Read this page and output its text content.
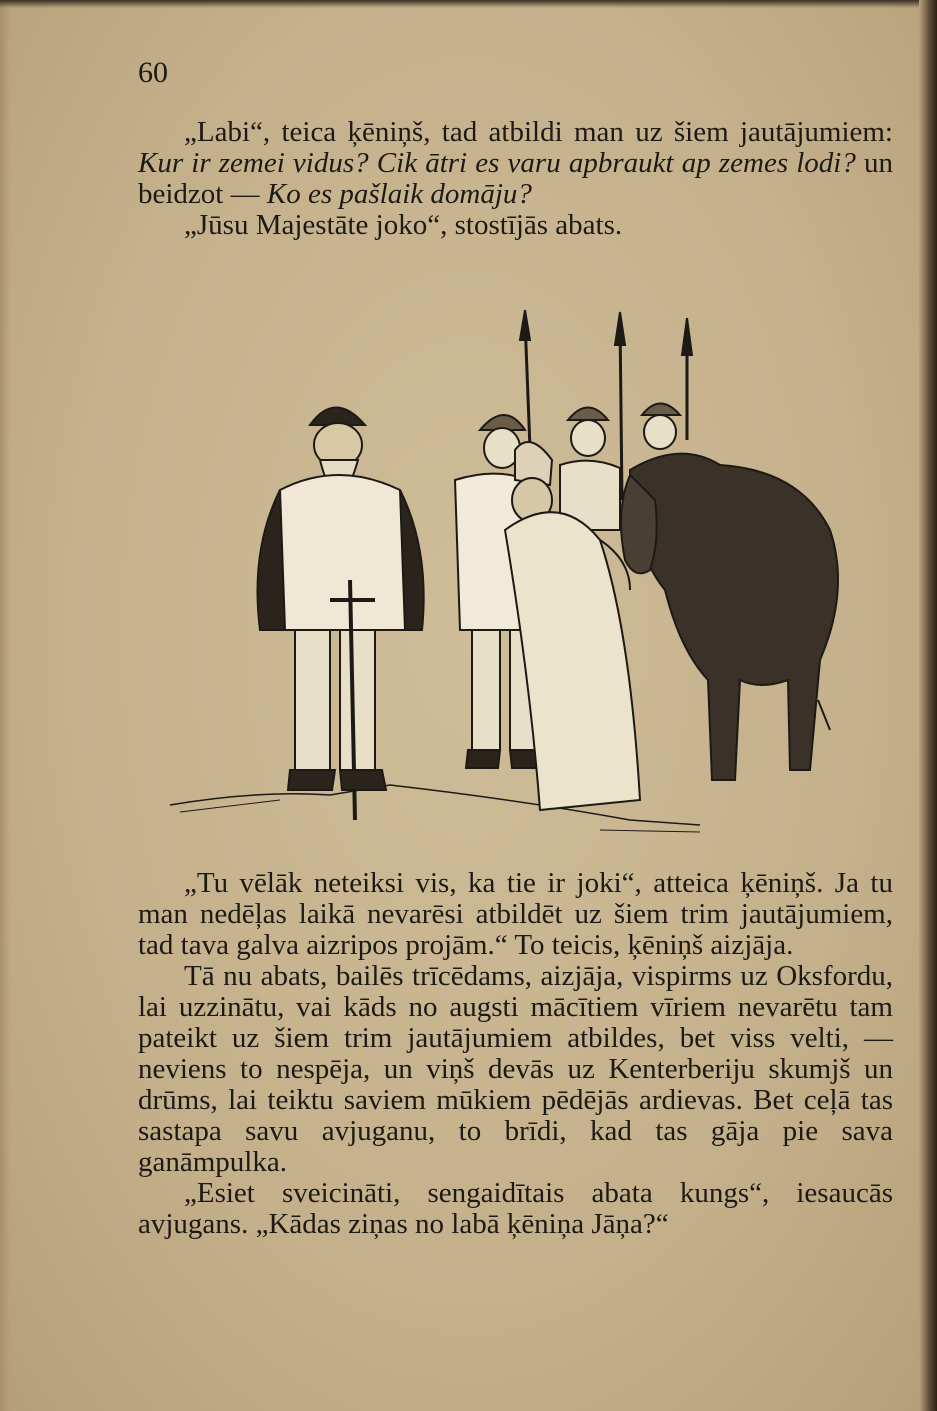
60

„Labi“, teica ķēniņš, tad atbildi man uz šiem jautājumiem: Kur ir zemei vidus? Cik ātri es varu apbraukt ap zemes lodi? un beidzot — Ko es pašlaik domāju?

„Jūsu Majestāte joko“, stostījās abats.

„Tu vēlāk neteiksi vis, ka tie ir joki“, atteica ķēniņš. Ja tu man nedēļas laikā nevarēsi atbildēt uz šiem trim jautājumiem, tad tava galva aizripos projām.“ To teicis, ķēniņš aizjāja.

Tā nu abats, bailēs trīcēdams, aizjāja, vispirms uz Oksfordu, lai uzzinātu, vai kāds no augsti mācītiem vīriem nevarētu tam pateikt uz šiem trim jautājumiem atbildes, bet viss velti, — neviens to nespēja, un viņš devās uz Kenterberiju skumjš un drūms, lai teiktu saviem mūkiem pēdējās ardievas. Bet ceļā tas sastapa savu avjuganu, to brīdi, kad tas gāja pie sava ganāmpulka.

„Esiet sveicināti, sengaidītais abata kungs“, iesaucās avjugans. „Kādas ziņas no labā ķēniņa Jāņa?“
